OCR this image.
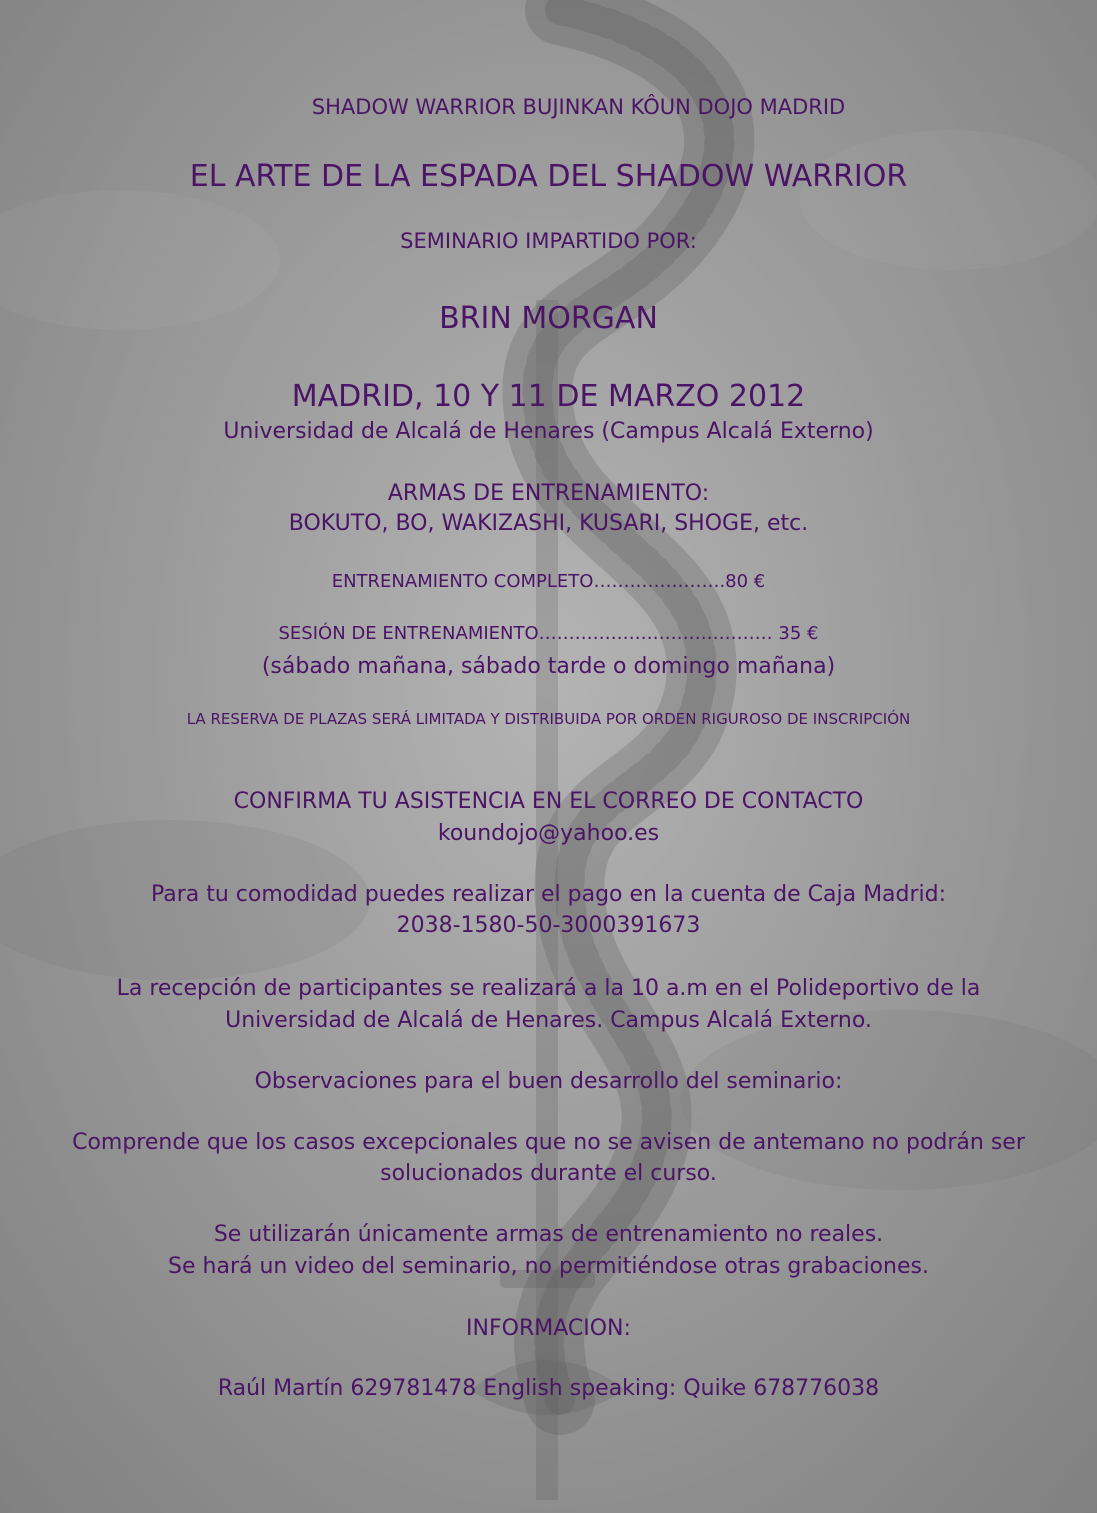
SHADOW WARRIOR BUJINKAN KÔUN DOJO MADRID

EL ARTE DE LA ESPADA DEL SHADOW WARRIOR

SEMINARIO IMPARTIDO POR:

BRIN MORGAN

MADRID, 10 Y 11 DE MARZO 2012

Universidad de Alcalá de Henares (Campus Alcalá Externo)

ARMAS DE ENTRENAMIENTO:

BOKUTO, BO, WAKIZASHI, KUSARI, SHOGE, etc.

ENTRENAMIENTO COMPLETO………………….80 €

SESIÓN DE ENTRENAMIENTO………………………………… 35 €

(sábado mañana, sábado tarde o domingo mañana)

LA RESERVA DE PLAZAS SERÁ LIMITADA Y DISTRIBUIDA POR ORDEN RIGUROSO DE INSCRIPCIÓN

CONFIRMA TU ASISTENCIA EN EL CORREO DE CONTACTO

koundojo@yahoo.es

Para tu comodidad puedes realizar el pago en la cuenta de Caja Madrid:

2038-1580-50-3000391673

La recepción de participantes se realizará a la 10 a.m en el Polideportivo de la

Universidad de Alcalá de Henares. Campus Alcalá Externo.

Observaciones para el buen desarrollo del seminario:

Comprende que los casos excepcionales que no se avisen de antemano no podrán ser

solucionados durante el curso.

Se utilizarán únicamente armas de entrenamiento no reales.

Se hará un video del seminario, no permitiéndose otras grabaciones.

INFORMACION:

Raúl Martín 629781478 English speaking: Quike 678776038
